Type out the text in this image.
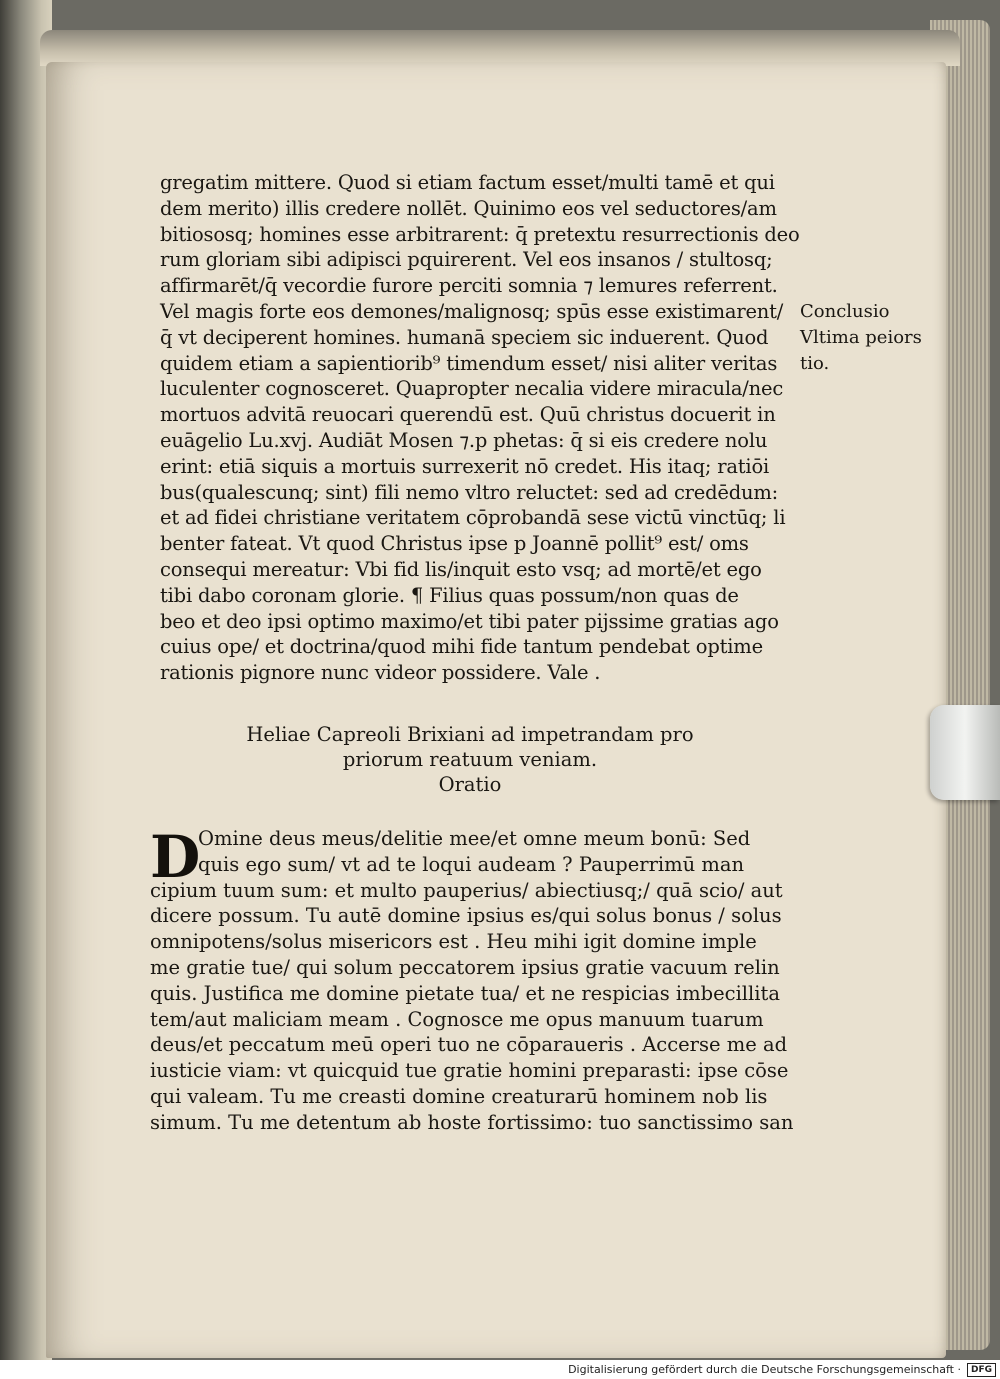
gregatim mittere. Quod si etiam factum esset/multi tamē et qui
dem merito) illis credere nollēt. Quinimo eos vel seductores/am
bitiososq; homines esse arbitrarent: q̄ pretextu resurrectionis deo
rum gloriam sibi adipisci pquirerent. Vel eos insanos / stultosq;
affirmarēt/q̄ vecordie furore perciti somnia ⁊ lemures referrent.
Vel magis forte eos demones/malignosq; spūs esse existimarent/
q̄ vt deciperent homines. humanā speciem sic induerent. Quod
quidem etiam a sapientiorib⁹ timendum esset/ nisi aliter veritas
luculenter cognosceret. Quapropter necalia videre miracula/nec
mortuos advitā reuocari querendū est. Quū christus docuerit in
euāgelio Lu.xvj. Audiāt Mosen ⁊.p phetas: q̄ si eis credere nolu
erint: etiā siquis a mortuis surrexerit nō credet. His itaq; ratiōi
bus(qualescunq; sint) fili nemo vltro reluctet: sed ad credēdum:
et ad fidei christiane veritatem cōprobandā sese victū vinctūq; li
benter fateat. Vt quod Christus ipse p Joannē pollit⁹ est/ oms
consequi mereatur: Vbi fid lis/inquit esto vsq; ad mortē/et ego
tibi dabo coronam glorie. ¶ Filius quas possum/non quas de
beo et deo ipsi optimo maximo/et tibi pater pijssime gratias ago
cuius ope/ et doctrina/quod mihi fide tantum pendebat optime
rationis pignore nunc videor possidere. Vale .
Conclusio
Vltima peiors
tio.
Heliae Capreoli Brixiani ad impetrandam pro
priorum reatuum veniam.
Oratio
D
Omine deus meus/delitie mee/et omne meum bonū: Sed
quis ego sum/ vt ad te loqui audeam ? Pauperrimū man
cipium tuum sum: et multo pauperius/ abiectiusq;/ quā scio/ aut
dicere possum. Tu autē domine ipsius es/qui solus bonus / solus
omnipotens/solus misericors est . Heu mihi igit domine imple
me gratie tue/ qui solum peccatorem ipsius gratie vacuum relin
quis. Justifica me domine pietate tua/ et ne respicias imbecillita
tem/aut maliciam meam . Cognosce me opus manuum tuarum
deus/et peccatum meū operi tuo ne cōparaueris . Accerse me ad
iusticie viam: vt quicquid tue gratie homini preparasti: ipse cōse
qui valeam. Tu me creasti domine creaturarū hominem nob lis
simum. Tu me detentum ab hoste fortissimo: tuo sanctissimo san
Digitalisierung gefördert durch die Deutsche Forschungsgemeinschaft · DFG
